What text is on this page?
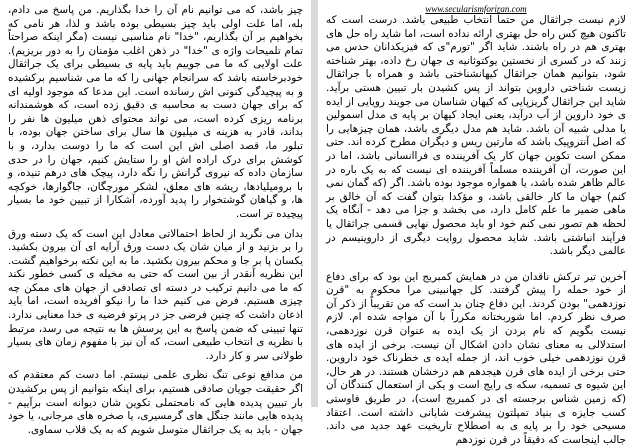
چیز باشد، که می توانیم نام آن را خدا بگذاریم. من پاسخ می دادم، بله، اما علت اولی باید چیز بسیطی بوده باشد و لذا، هر نامی که بخواهیم بر آن بگذاریم، "خدا" نام مناسبی نیست (مگر اینکه صراحتاً تمام تلمیحات واژه ی "خدا" در ذهن اغلب مؤمنان را به دور بریزیم). علت اولایی که ما می جوییم باید پایه ی بسیطی برای یک جراثقال خودبرخاسته باشد که سرانجام جهانی را که ما می شناسیم برکشیده و به پیچیدگی کنونی اش رسانده است. این مدعا که موجود اولیه ای که برای جهان دست به محاسبه ی دقیق زده است، که هوشمندانه برنامه ریزی کرده است، می تواند محتوای ذهن میلیون ها نفر را بداند، قادر به هزینه ی میلیون ها سال برای ساختن جهان بوده، با تبلور ما، قصد اصلی اش این است که ما را دوست بدارد، و با کوشش برای درک اراده اش او را ستایش کنیم، جهان را در حدی سازمان داده که نیروی گرانش را نگه دارد، پیچک های درهم تنیده، و با برومیلیادها، ریشه های معلق، لشکر مورچگان، جاگوارها، خوکچه ها، و گیاهان گوشتخوار را پدید آورده، آشکارا از تبیین خود ما بسیار پیچیده تر است.

بدان می نگرید از لحاظ احتمالاتی معادل این است که یک دسته ورق را بر بزنید و از میان شان یک دست ورق آرایه ای آن بیرون بکشید. یکسان پا بر جا و محکم بیرون بکشید. ما به این نکته برخواهیم گشت. این نظریه آنقدر از بین است که حتی به مخیله ی کسی خطور نکند که ما می دانیم ترکیب در دسته ای تصادفی از جهان های ممکن چه چیزی هستیم. فرض می کنیم خدا ما را نیکو آفریده است، اما باید اذعان داشت که چنین فرضی جز در پرتو فرضیه ی خدا معنایی ندارد. تنها تبیینی که ضمن پاسخ به این پرسش ها به نتیجه می رسد، مرتبط با نظریه ی انتخاب طبیعی است، که آن نیز با مفهوم زمان های بسیار طولانی سر و کار دارد.

من مدافع نوعی تنگ نظری علمی نیستم. اما دست کم معتقدم که اگر حقیقت جویان صادقی هستیم، برای اینکه بتوانیم از پس برکشیدن بار تبیین پدیده هایی که نامحتملی تکوین شان دیوانه است برآییم - پدیده هایی مانند جنگل های گرمسیری، یا صخره های مرجانی، یا خود جهان - باید به یک جراثقال متوسل شویم که به یک قلاب سماوی.

www.secularismforiran.com

لازم نیست جراثقال من حتماً انتخاب طبیعی باشد. درست است که تاکنون هیچ کس راه حل بهتری ارائه نداده است، اما شاید راه حل های بهتری هم در راه باشند. شاید اگر "تورم"ی که فیزیکدانان حدس می زنند که در کسری از نخستین یوکتوثانیه ی جهان رخ داده، بهتر شناخته شود، بتوانیم همان جراثقال کیهانشناختی باشد و همراه با جراثقال زیست شناختی داروین بتواند از پس کشیدن بار تبیین هستی برآید. شاید این جراثقال گریزپایی که کیهان شناسان می جویند رویایی از ایده ی خود داروین از آب درآید، یعنی ایجاد کیهان بر پایه ی مدل اسمولین یا مدلی شبیه آن باشد. شاید هم مدل دیگری باشد، همان چیزهایی را که اصل آنتروپیک باشد که مارتین ریس و دیگران مطرح کرده اند. حتی ممکن است تکوین جهان کار یک آفریننده ی فراانسانی باشد، اما در این صورت، آن آفریننده مسلماً آفریننده ای نیست که به یک باره در عالم ظاهر شده باشد، یا همواره موجود بوده باشد. اگر (که گمان نمی کنم) جهان ما کار خالقی باشد، و مؤکدا بتوان گفت که آن خالق بر ماهی ضمیر ما علم کامل دارد، می بخشد و جزا می دهد - آنگاه یک لحظه هم تصور نمی کنم خود او باید محصول نهایی قسمی جراثقال یا فرآیند انباشتی باشد. شاید محصول روایت دیگری از داروینیسم در عالمی دیگر باشد.

آخرین تیر ترکش ناقدان من در همایش کمبریج این بود که برای دفاع از خود حمله را پیش گرفتند. کل جهانبینی مرا محکوم به "قرن نوزدهمی" بودن کردند. این دفاع چنان بد است که من تقریباً از ذکر آن صرف نظر کردم. اما شوربختانه مکرراً با آن مواجه شده ام. لازم نیست بگویم که نام بردن از یک ایده به عنوان قرن نوزدهمی، استدلالی به معنای نشان دادن اشکال آن نیست. برخی از ایده های قرن نوزدهمی خیلی خوب اند، از جمله ایده ی خطرناک خود داروین. حتی برخی از ایده های قرن هیجدهم هم درخشان هستند. در هر حال، این شیوه ی تسمیه، سکه ی رایج است و یکی از استعمال کنندگان آن (که زمین شناس برجسته ای در کمبریج است)، در طریق فاوستی کسب جایزه ی بنیاد تمپلتون پیشرفت شایانی داشته است. اعتقاد مسیحی خود را بر پایه ی به اصطلاح تاریخیت عهد جدید می داند. جالب اینجاست که دقیقاً در قرن نوزدهم
